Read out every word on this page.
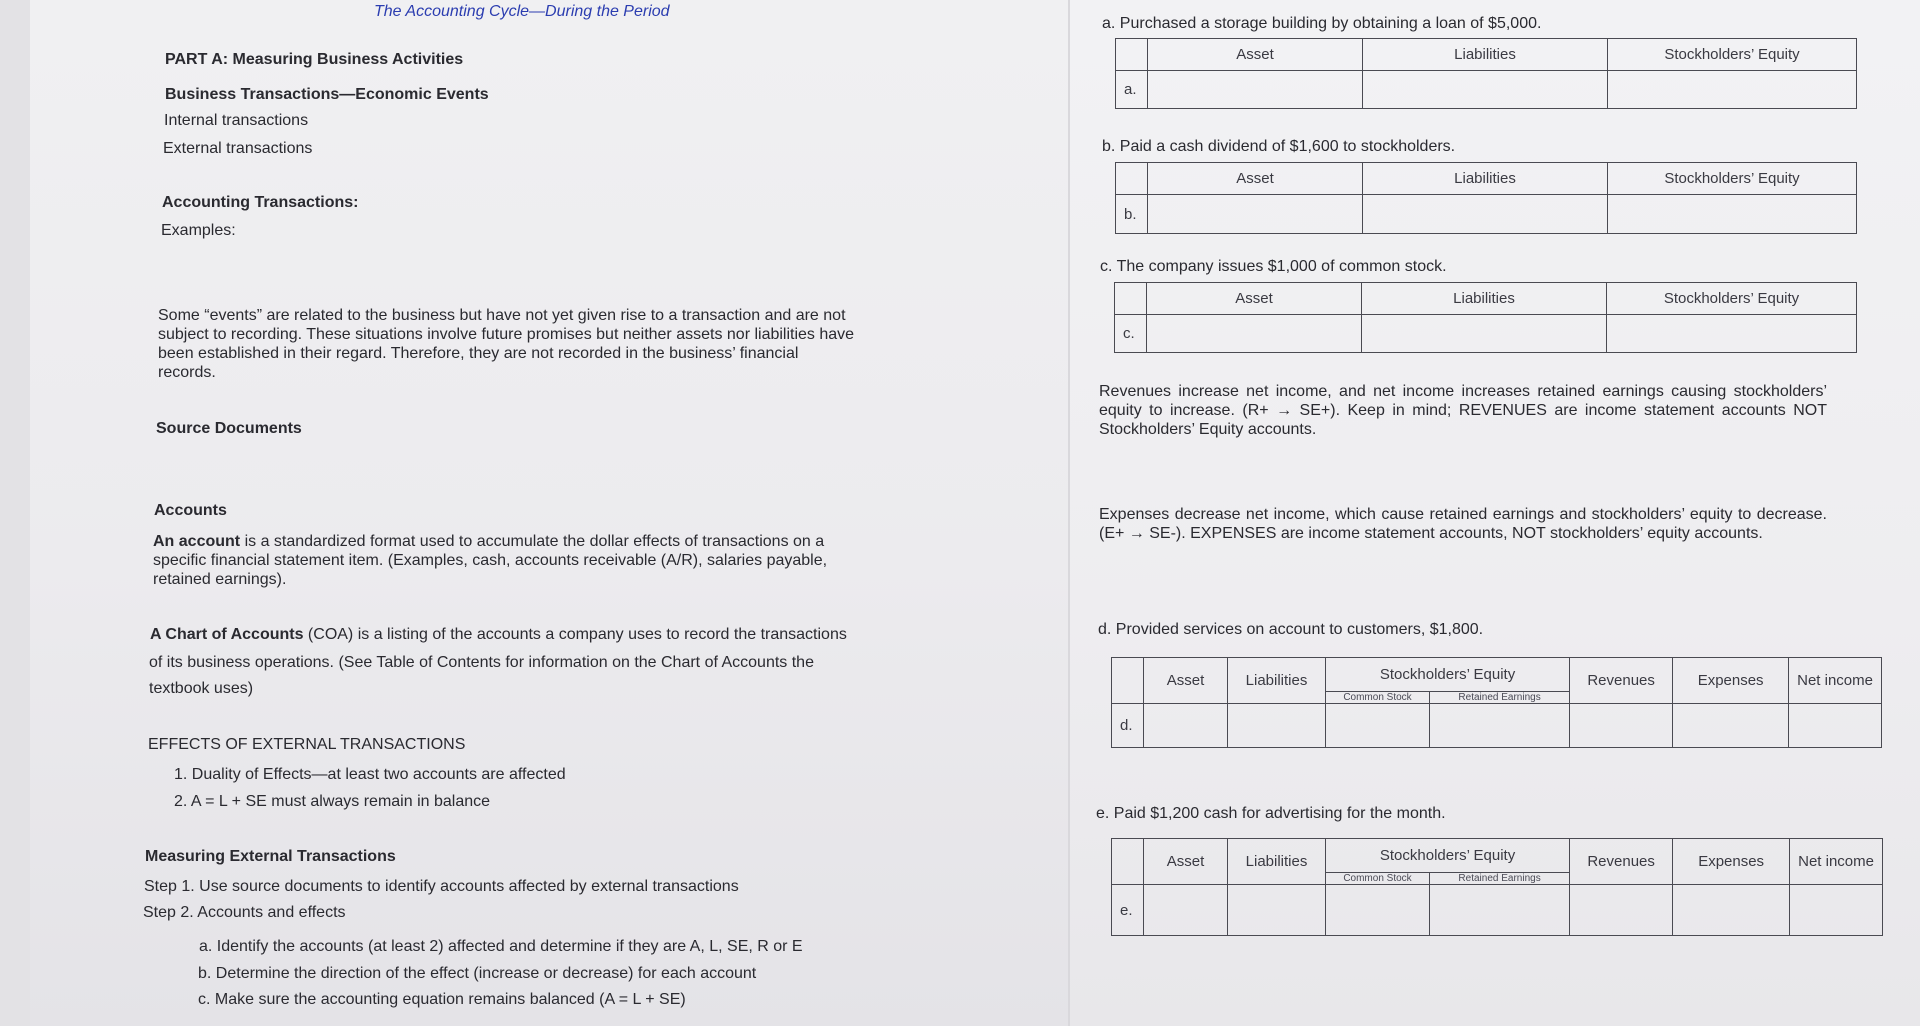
The Accounting Cycle—During the Period
PART A: Measuring Business Activities
Business Transactions—Economic Events
Internal transactions
External transactions
Accounting Transactions:
Examples:
Some “events” are related to the business but have not yet given rise to a transaction and are not subject to recording. These situations involve future promises but neither assets nor liabilities have been established in their regard. Therefore, they are not recorded in the business’ financial records.
Source Documents
Accounts
An account is a standardized format used to accumulate the dollar effects of transactions on a specific financial statement item. (Examples, cash, accounts receivable (A/R), salaries payable, retained earnings).
A Chart of Accounts (COA) is a listing of the accounts a company uses to record the transactions
of its business operations. (See Table of Contents for information on the Chart of Accounts the
textbook uses)
EFFECTS OF EXTERNAL TRANSACTIONS
1. Duality of Effects—at least two accounts are affected
2. A = L + SE must always remain in balance
Measuring External Transactions
Step 1. Use source documents to identify accounts affected by external transactions
Step 2. Accounts and effects
a. Identify the accounts (at least 2) affected and determine if they are A, L, SE, R or E
b. Determine the direction of the effect (increase or decrease) for each account
c. Make sure the accounting equation remains balanced (A = L + SE)
a. Purchased a storage building by obtaining a loan of $5,000.
	Asset	Liabilities	Stockholders’ Equity
a.			
b. Paid a cash dividend of $1,600 to stockholders.
	Asset	Liabilities	Stockholders’ Equity
b.			
c. The company issues $1,000 of common stock.
	Asset	Liabilities	Stockholders’ Equity
c.			
Revenues increase net income, and net income increases retained earnings causing stockholders’ equity to increase. (R+ → SE+). Keep in mind; REVENUES are income statement accounts NOT Stockholders’ Equity accounts.
Expenses decrease net income, which cause retained earnings and stockholders’ equity to decrease. (E+ → SE-). EXPENSES are income statement accounts, NOT stockholders’ equity accounts.
d. Provided services on account to customers, $1,800.
	Asset	Liabilities	Stockholders’ Equity		Revenues	Expenses	Net income
			Common Stock	Retained Earnings			
d.							
e. Paid $1,200 cash for advertising for the month.
	Asset	Liabilities	Stockholders’ Equity		Revenues	Expenses	Net income
			Common Stock	Retained Earnings			
e.							
